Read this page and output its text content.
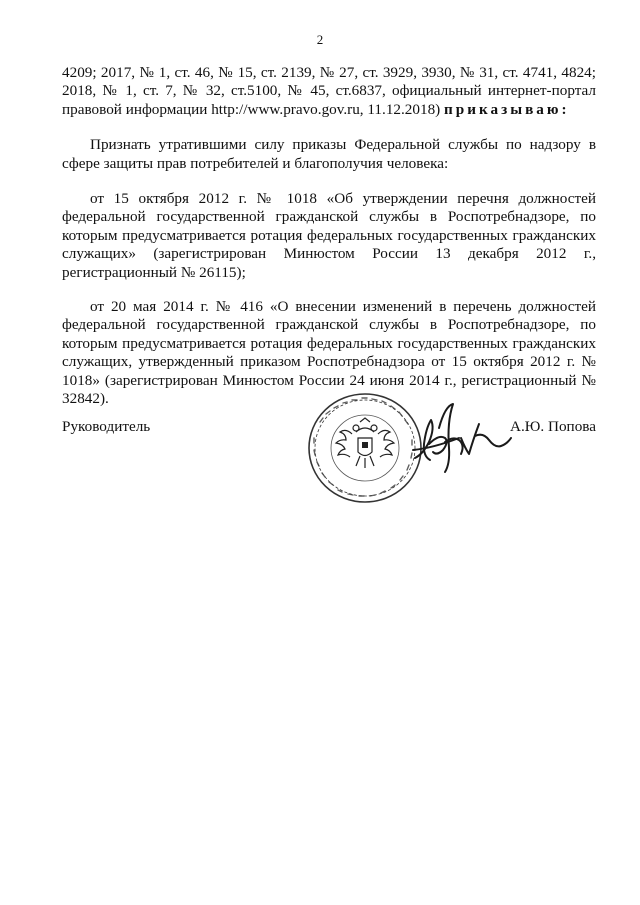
2

4209; 2017, № 1, ст. 46, № 15, ст. 2139, № 27, ст. 3929, 3930, № 31, ст. 4741, 4824; 2018, № 1, ст. 7, № 32, ст.5100, № 45, ст.6837, официальный интернет-портал правовой информации http://www.pravo.gov.ru, 11.12.2018) приказываю:

Признать утратившими силу приказы Федеральной службы по надзору в сфере защиты прав потребителей и благополучия человека:

от 15 октября 2012 г. № 1018 «Об утверждении перечня должностей федеральной государственной гражданской службы в Роспотребнадзоре, по которым предусматривается ротация федеральных государственных гражданских служащих» (зарегистрирован Минюстом России 13 декабря 2012 г., регистрационный № 26115);

от 20 мая 2014 г. № 416 «О внесении изменений в перечень должностей федеральной государственной гражданской службы в Роспотребнадзоре, по которым предусматривается ротация федеральных государственных гражданских служащих, утвержденный приказом Роспотребнадзора от 15 октября 2012 г. № 1018» (зарегистрирован Минюстом России 24 июня 2014 г., регистрационный № 32842).

Руководитель	А.Ю. Попова
